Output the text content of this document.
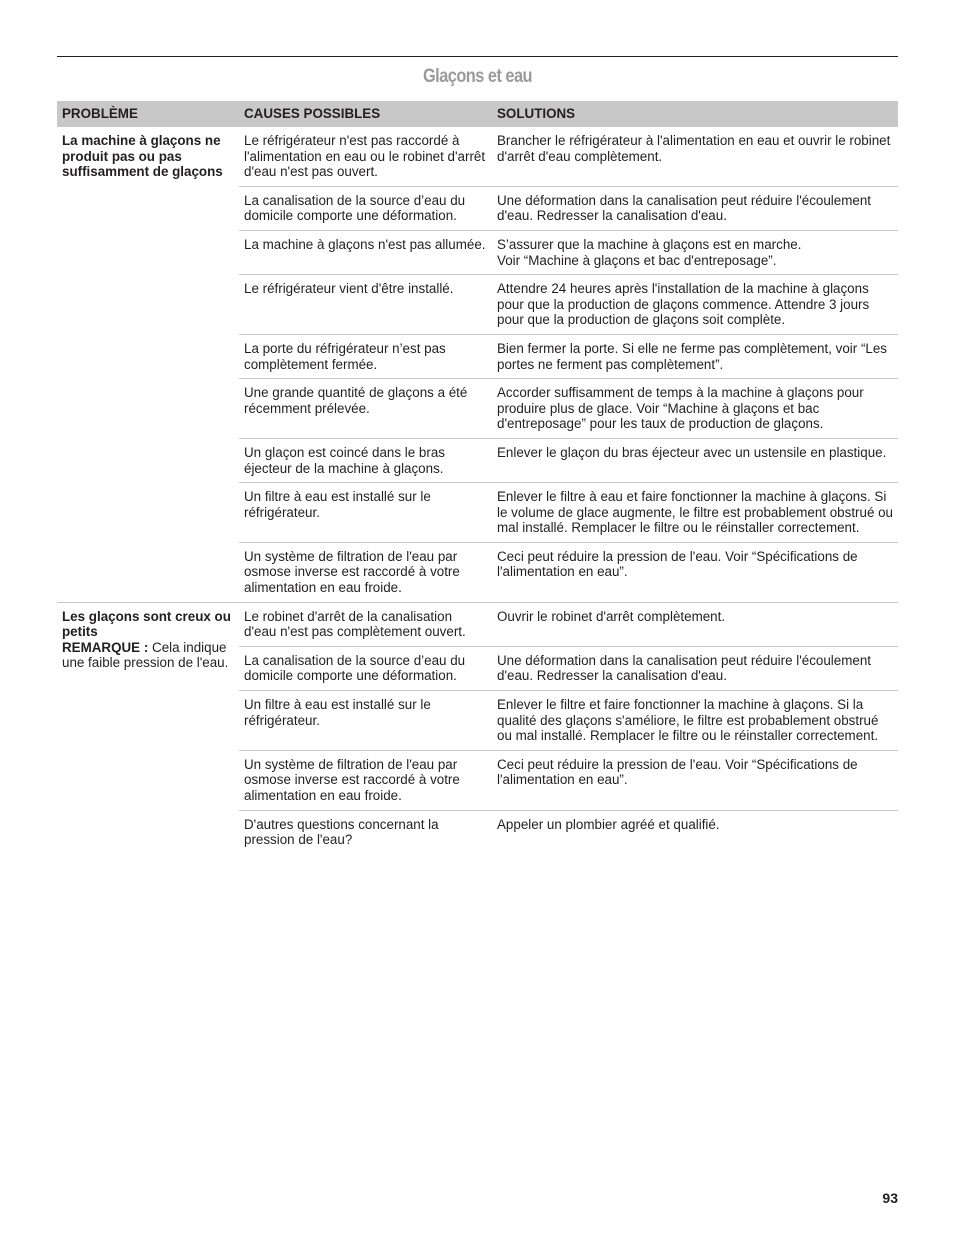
Glaçons et eau
PROBLÈME	CAUSES POSSIBLES	SOLUTIONS
La machine à glaçons ne produit pas ou pas suffisamment de glaçons	Le réfrigérateur n'est pas raccordé à l'alimentation en eau ou le robinet d'arrêt d'eau n'est pas ouvert.	Brancher le réfrigérateur à l'alimentation en eau et ouvrir le robinet d'arrêt d'eau complètement.
	La canalisation de la source d’eau du domicile comporte une déformation.	Une déformation dans la canalisation peut réduire l'écoulement d'eau. Redresser la canalisation d'eau.
	La machine à glaçons n'est pas allumée.	S’assurer que la machine à glaçons est en marche.
Voir “Machine à glaçons et bac d'entreposage”.

	Le réfrigérateur vient d'être installé.	Attendre 24 heures après l'installation de la machine à glaçons pour que la production de glaçons commence. Attendre 3 jours pour que la production de glaçons soit complète.
	La porte du réfrigérateur n’est pas complètement fermée.	Bien fermer la porte. Si elle ne ferme pas complètement, voir “Les portes ne ferment pas complètement”.
	Une grande quantité de glaçons a été récemment prélevée.	Accorder suffisamment de temps à la machine à glaçons pour produire plus de glace. Voir “Machine à glaçons et bac d'entreposage” pour les taux de production de glaçons.
	Un glaçon est coincé dans le bras éjecteur de la machine à glaçons.	Enlever le glaçon du bras éjecteur avec un ustensile en plastique.
	Un filtre à eau est installé sur le réfrigérateur.	Enlever le filtre à eau et faire fonctionner la machine à glaçons. Si le volume de glace augmente, le filtre est probablement obstrué ou mal installé. Remplacer le filtre ou le réinstaller correctement.
	Un système de filtration de l'eau par osmose inverse est raccordé à votre alimentation en eau froide.	Ceci peut réduire la pression de l'eau. Voir “Spécifications de l'alimentation en eau”.

Les glaçons sont creux ou petits
REMARQUE : Cela indique une faible pression de l'eau.	Le robinet d'arrêt de la canalisation d'eau n'est pas complètement ouvert.	Ouvrir le robinet d'arrêt complètement.
	La canalisation de la source d’eau du domicile comporte une déformation.	Une déformation dans la canalisation peut réduire l'écoulement d'eau. Redresser la canalisation d'eau.
	Un filtre à eau est installé sur le réfrigérateur.	Enlever le filtre et faire fonctionner la machine à glaçons. Si la qualité des glaçons s'améliore, le filtre est probablement obstrué ou mal installé. Remplacer le filtre ou le réinstaller correctement.
	Un système de filtration de l'eau par osmose inverse est raccordé à votre alimentation en eau froide.	Ceci peut réduire la pression de l'eau. Voir “Spécifications de l'alimentation en eau”.
	D'autres questions concernant la pression de l'eau?	Appeler un plombier agréé et qualifié.
93
